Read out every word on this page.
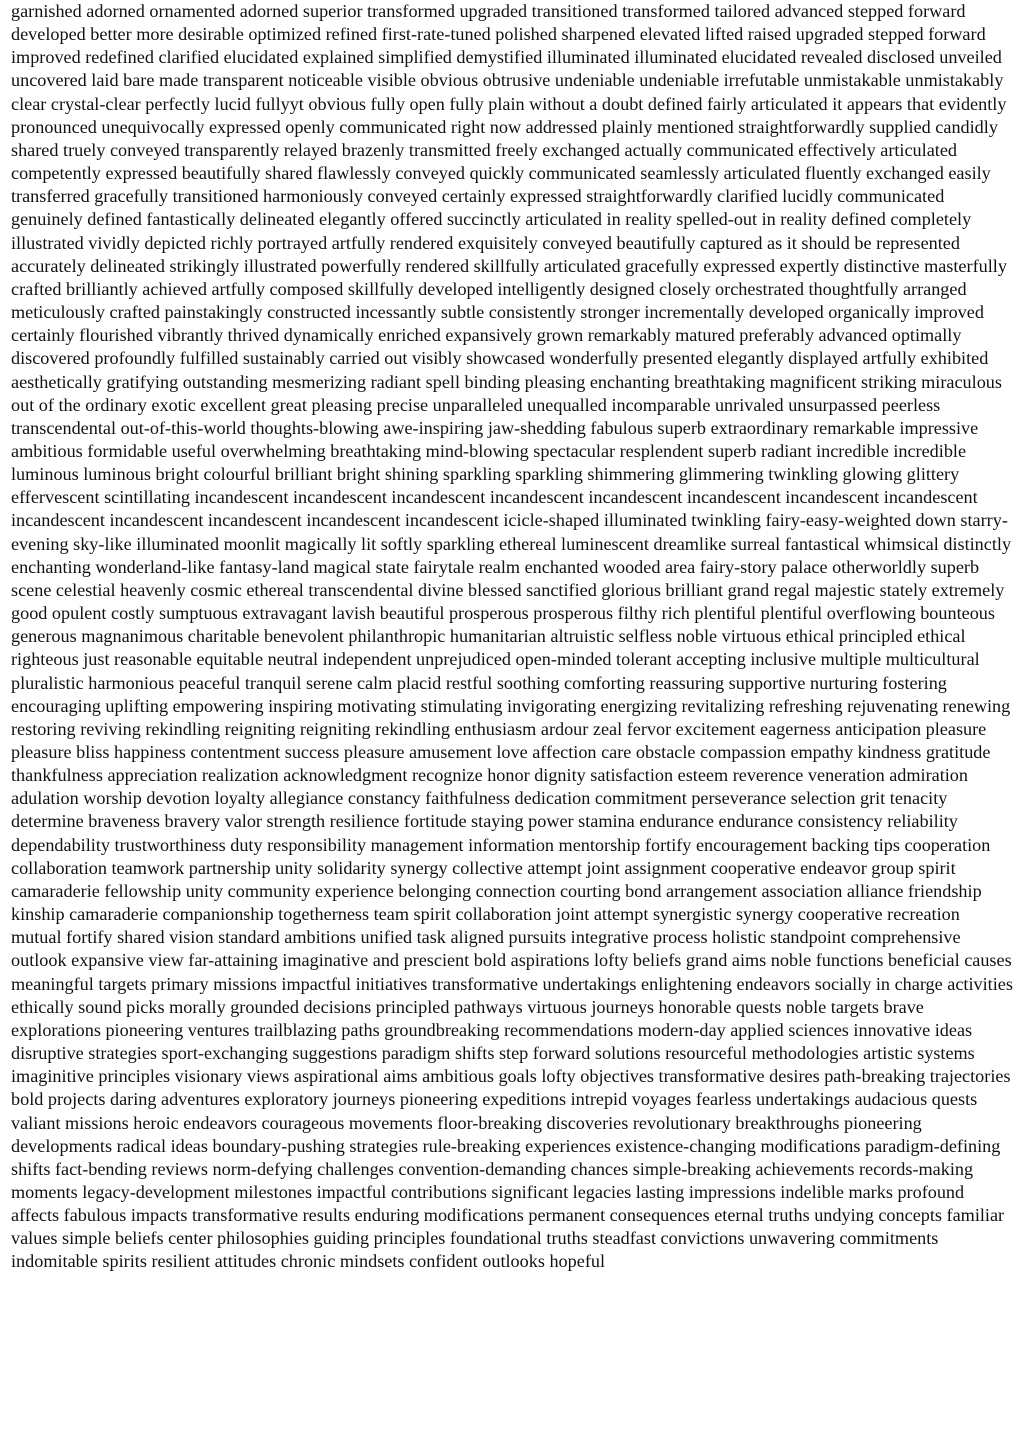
garnished adorned ornamented adorned superior transformed upgraded transitioned transformed tailored advanced stepped forward developed better more desirable optimized refined first-rate-tuned polished sharpened elevated lifted raised upgraded stepped forward improved redefined clarified elucidated explained simplified demystified illuminated illuminated elucidated revealed disclosed unveiled uncovered laid bare made transparent noticeable visible obvious obtrusive undeniable undeniable irrefutable unmistakable unmistakably clear crystal-clear perfectly lucid fullyyt obvious fully open fully plain without a doubt defined fairly articulated it appears that evidently pronounced unequivocally expressed openly communicated right now addressed plainly mentioned straightforwardly supplied candidly shared truely conveyed transparently relayed brazenly transmitted freely exchanged actually communicated effectively articulated competently expressed beautifully shared flawlessly conveyed quickly communicated seamlessly articulated fluently exchanged easily transferred gracefully transitioned harmoniously conveyed certainly expressed straightforwardly clarified lucidly communicated genuinely defined fantastically delineated elegantly offered succinctly articulated in reality spelled-out in reality defined completely illustrated vividly depicted richly portrayed artfully rendered exquisitely conveyed beautifully captured as it should be represented accurately delineated strikingly illustrated powerfully rendered skillfully articulated gracefully expressed expertly distinctive masterfully crafted brilliantly achieved artfully composed skillfully developed intelligently designed closely orchestrated thoughtfully arranged meticulously crafted painstakingly constructed incessantly subtle consistently stronger incrementally developed organically improved certainly flourished vibrantly thrived dynamically enriched expansively grown remarkably matured preferably advanced optimally discovered profoundly fulfilled sustainably carried out visibly showcased wonderfully presented elegantly displayed artfully exhibited aesthetically gratifying outstanding mesmerizing radiant spell binding pleasing enchanting breathtaking magnificent striking miraculous out of the ordinary exotic excellent great pleasing precise unparalleled unequalled incomparable unrivaled unsurpassed peerless transcendental out-of-this-world thoughts-blowing awe-inspiring jaw-shedding fabulous superb extraordinary remarkable impressive ambitious formidable useful overwhelming breathtaking mind-blowing spectacular resplendent superb radiant incredible incredible luminous luminous bright colourful brilliant bright shining sparkling sparkling shimmering glimmering twinkling glowing glittery effervescent scintillating incandescent incandescent incandescent incandescent incandescent incandescent incandescent incandescent incandescent incandescent incandescent incandescent incandescent icicle-shaped illuminated twinkling fairy-easy-weighted down starry-evening sky-like illuminated moonlit magically lit softly sparkling ethereal luminescent dreamlike surreal fantastical whimsical distinctly enchanting wonderland-like fantasy-land magical state fairytale realm enchanted wooded area fairy-story palace otherworldly superb scene celestial heavenly cosmic ethereal transcendental divine blessed sanctified glorious brilliant grand regal majestic stately extremely good opulent costly sumptuous extravagant lavish beautiful prosperous prosperous filthy rich plentiful plentiful overflowing bounteous generous magnanimous charitable benevolent philanthropic humanitarian altruistic selfless noble virtuous ethical principled ethical righteous just reasonable equitable neutral independent unprejudiced open-minded tolerant accepting inclusive multiple multicultural pluralistic harmonious peaceful tranquil serene calm placid restful soothing comforting reassuring supportive nurturing fostering encouraging uplifting empowering inspiring motivating stimulating invigorating energizing revitalizing refreshing rejuvenating renewing restoring reviving rekindling reigniting reigniting rekindling enthusiasm ardour zeal fervor excitement eagerness anticipation pleasure pleasure bliss happiness contentment success pleasure amusement love affection care obstacle compassion empathy kindness gratitude thankfulness appreciation realization acknowledgment recognize honor dignity satisfaction esteem reverence veneration admiration adulation worship devotion loyalty allegiance constancy faithfulness dedication commitment perseverance selection grit tenacity determine braveness bravery valor strength resilience fortitude staying power stamina endurance endurance consistency reliability dependability trustworthiness duty responsibility management information mentorship fortify encouragement backing tips cooperation collaboration teamwork partnership unity solidarity synergy collective attempt joint assignment cooperative endeavor group spirit camaraderie fellowship unity community experience belonging connection courting bond arrangement association alliance friendship kinship camaraderie companionship togetherness team spirit collaboration joint attempt synergistic synergy cooperative recreation mutual fortify shared vision standard ambitions unified task aligned pursuits integrative process holistic standpoint comprehensive outlook expansive view far-attaining imaginative and prescient bold aspirations lofty beliefs grand aims noble functions beneficial causes meaningful targets primary missions impactful initiatives transformative undertakings enlightening endeavors socially in charge activities ethically sound picks morally grounded decisions principled pathways virtuous journeys honorable quests noble targets brave explorations pioneering ventures trailblazing paths groundbreaking recommendations modern-day applied sciences innovative ideas disruptive strategies sport-exchanging suggestions paradigm shifts step forward solutions resourceful methodologies artistic systems imaginitive principles visionary views aspirational aims ambitious goals lofty objectives transformative desires path-breaking trajectories bold projects daring adventures exploratory journeys pioneering expeditions intrepid voyages fearless undertakings audacious quests valiant missions heroic endeavors courageous movements floor-breaking discoveries revolutionary breakthroughs pioneering developments radical ideas boundary-pushing strategies rule-breaking experiences existence-changing modifications paradigm-defining shifts fact-bending reviews norm-defying challenges convention-demanding chances simple-breaking achievements records-making moments legacy-development milestones impactful contributions significant legacies lasting impressions indelible marks profound affects fabulous impacts transformative results enduring modifications permanent consequences eternal truths undying concepts familiar values simple beliefs center philosophies guiding principles foundational truths steadfast convictions unwavering commitments indomitable spirits resilient attitudes chronic mindsets confident outlooks hopeful
